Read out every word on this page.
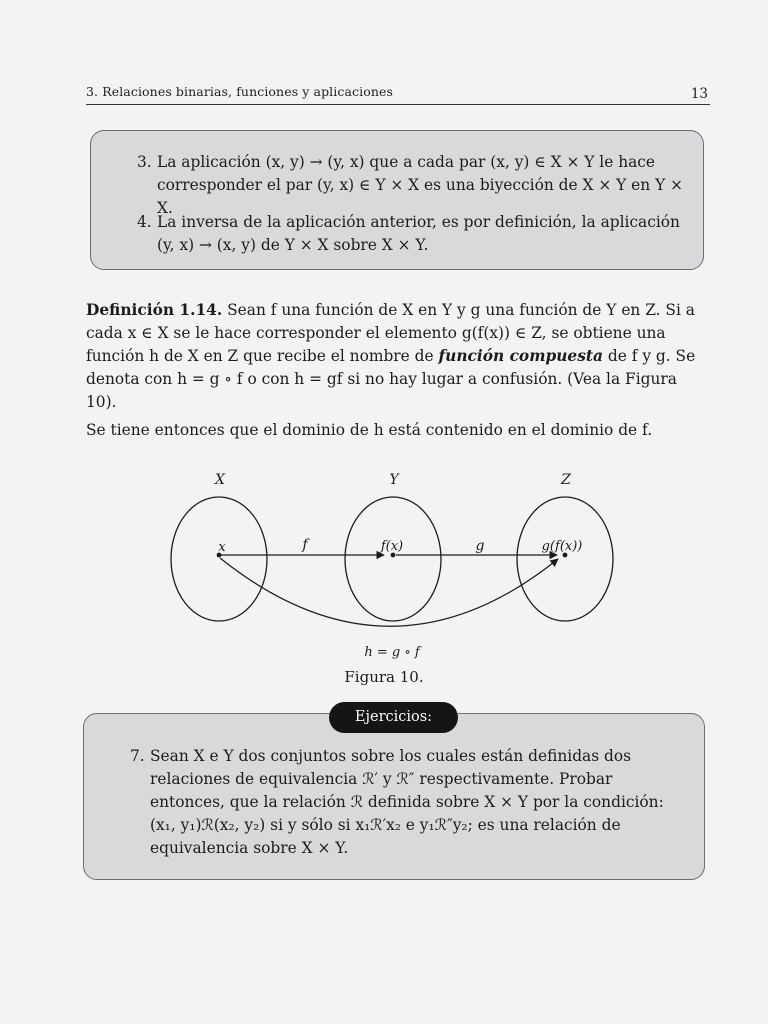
3. Relaciones binarias, funciones y aplicaciones	13
3. La aplicación (x, y) → (y, x) que a cada par (x, y) ∈ X × Y le hace corresponder el par (y, x) ∈ Y × X es una biyección de X × Y en Y × X.
4. La inversa de la aplicación anterior, es por definición, la aplicación (y, x) → (x, y) de Y × X sobre X × Y.
Definición 1.14. Sean f una función de X en Y y g una función de Y en Z. Si a cada x ∈ X se le hace corresponder el elemento g(f(x)) ∈ Z, se obtiene una función h de X en Z que recibe el nombre de función compuesta de f y g. Se denota con h = g ∘ f o con h = gf si no hay lugar a confusión. (Vea la Figura 10).
Se tiene entonces que el dominio de h está contenido en el dominio de f.
X	Y	Z
x	f(x)	g(f(x))
f	g
h = g ∘ f
Figura 10.
7. Sean X e Y dos conjuntos sobre los cuales están definidas dos relaciones de equivalencia ℛ′ y ℛ″ respectivamente. Probar entonces, que la relación ℛ definida sobre X × Y por la condición: (x₁, y₁)ℛ(x₂, y₂) si y sólo si x₁ℛ′x₂ e y₁ℛ″y₂; es una relación de equivalencia sobre X × Y.
Ejercicios:
